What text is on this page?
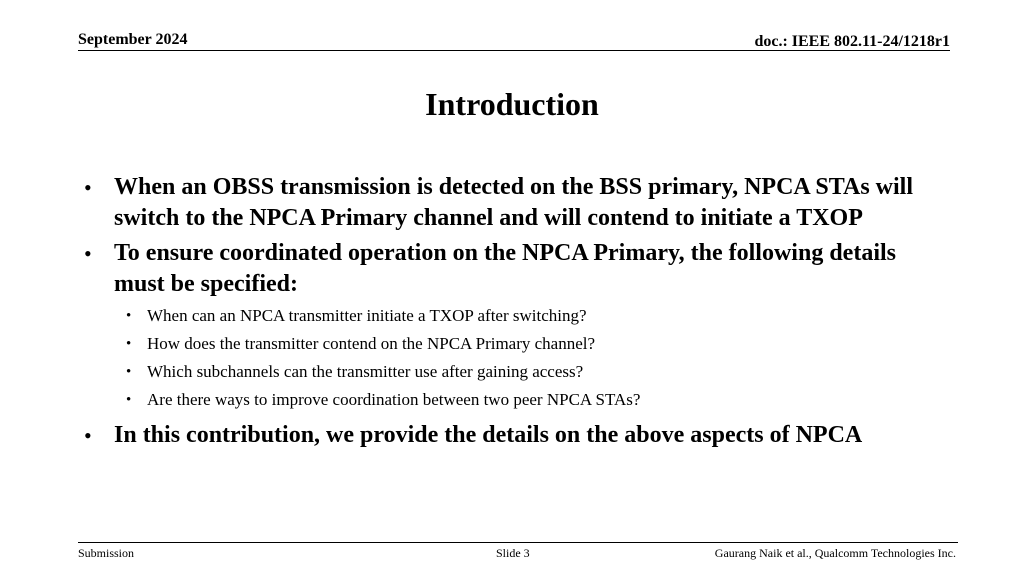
September 2024	doc.: IEEE 802.11-24/1218r1
Introduction
• When an OBSS transmission is detected on the BSS primary, NPCA STAs will switch to the NPCA Primary channel and will contend to initiate a TXOP
• To ensure coordinated operation on the NPCA Primary, the following details must be specified:
• When can an NPCA transmitter initiate a TXOP after switching?
• How does the transmitter contend on the NPCA Primary channel?
• Which subchannels can the transmitter use after gaining access?
• Are there ways to improve coordination between two peer NPCA STAs?
• In this contribution, we provide the details on the above aspects of NPCA
Submission	Slide 3	Gaurang Naik et al., Qualcomm Technologies Inc.
